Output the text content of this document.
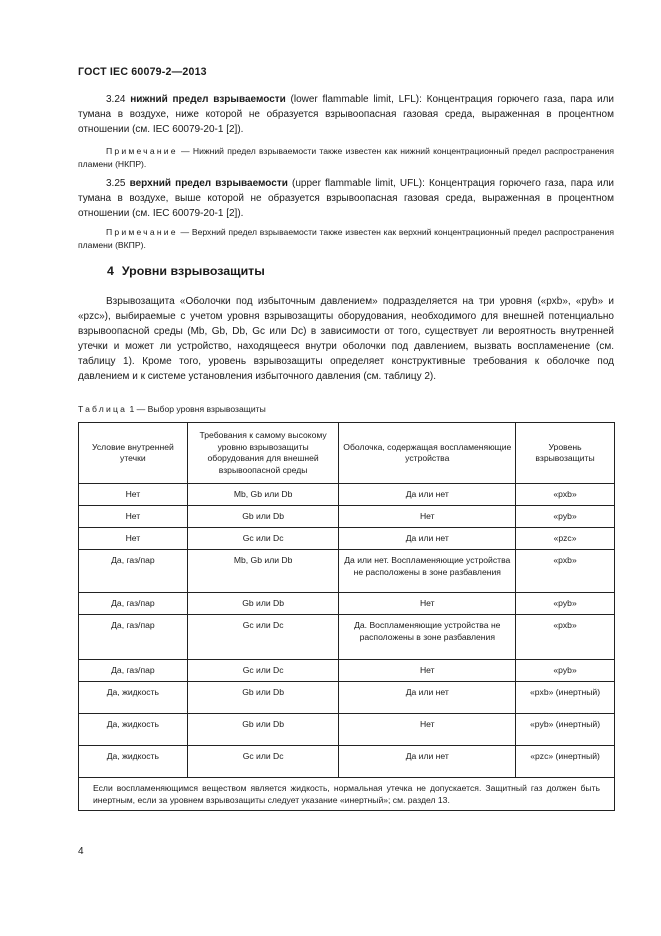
ГОСТ IEC 60079-2—2013

3.24 нижний предел взрываемости (lower flammable limit, LFL): Концентрация горючего газа, пара или тумана в воздухе, ниже которой не образуется взрывоопасная газовая среда, выраженная в процентном отношении (см. IEC 60079-20-1 [2]).

Примечание — Нижний предел взрываемости также известен как нижний концентрационный предел распространения пламени (НКПР).

3.25 верхний предел взрываемости (upper flammable limit, UFL): Концентрация горючего газа, пара или тумана в воздухе, выше которой не образуется взрывоопасная газовая среда, выраженная в процентном отношении (см. IEC 60079-20-1 [2]).

Примечание — Верхний предел взрываемости также известен как верхний концентрационный предел распространения пламени (ВКПР).

4 Уровни взрывозащиты

Взрывозащита «Оболочки под избыточным давлением» подразделяется на три уровня («pxb», «pyb» и «pzc»), выбираемые с учетом уровня взрывозащиты оборудования, необходимого для внешней потенциально взрывоопасной среды (Mb, Gb, Db, Gc или Dc) в зависимости от того, существует ли вероятность внутренней утечки и может ли устройство, находящееся внутри оболочки под давлением, вызвать воспламенение (см. таблицу 1). Кроме того, уровень взрывозащиты определяет конструктивные требования к оболочке под давлением и к системе установления избыточного давления (см. таблицу 2).

Таблица 1 — Выбор уровня взрывозащиты
Условие внутренней утечки	Требования к самому высокому уровню взрывозащиты оборудования для внешней взрывоопасной среды	Оболочка, содержащая воспламеняющие устройства	Уровень взрывозащиты
Нет	Mb, Gb или Db	Да или нет	«pxb»
Нет	Gb или Db	Нет	«pyb»
Нет	Gc или Dc	Да или нет	«pzc»
Да, газ/пар	Mb, Gb или Db	Да или нет. Воспламеняющие устройства не расположены в зоне разбавления	«pxb»
Да, газ/пар	Gb или Db	Нет	«pyb»
Да, газ/пар	Gc или Dc	Да. Воспламеняющие устройства не расположены в зоне разбавления	«pxb»
Да, газ/пар	Gc или Dc	Нет	«pyb»
Да, жидкость	Gb или Db	Да или нет	«pxb» (инертный)
Да, жидкость	Gb или Db	Нет	«pyb» (инертный)
Да, жидкость	Gc или Dc	Да или нет	«pzc» (инертный)
Если воспламеняющимся веществом является жидкость, нормальная утечка не допускается. Защитный газ должен быть инертным, если за уровнем взрывозащиты следует указание «инертный»; см. раздел 13.			
4
